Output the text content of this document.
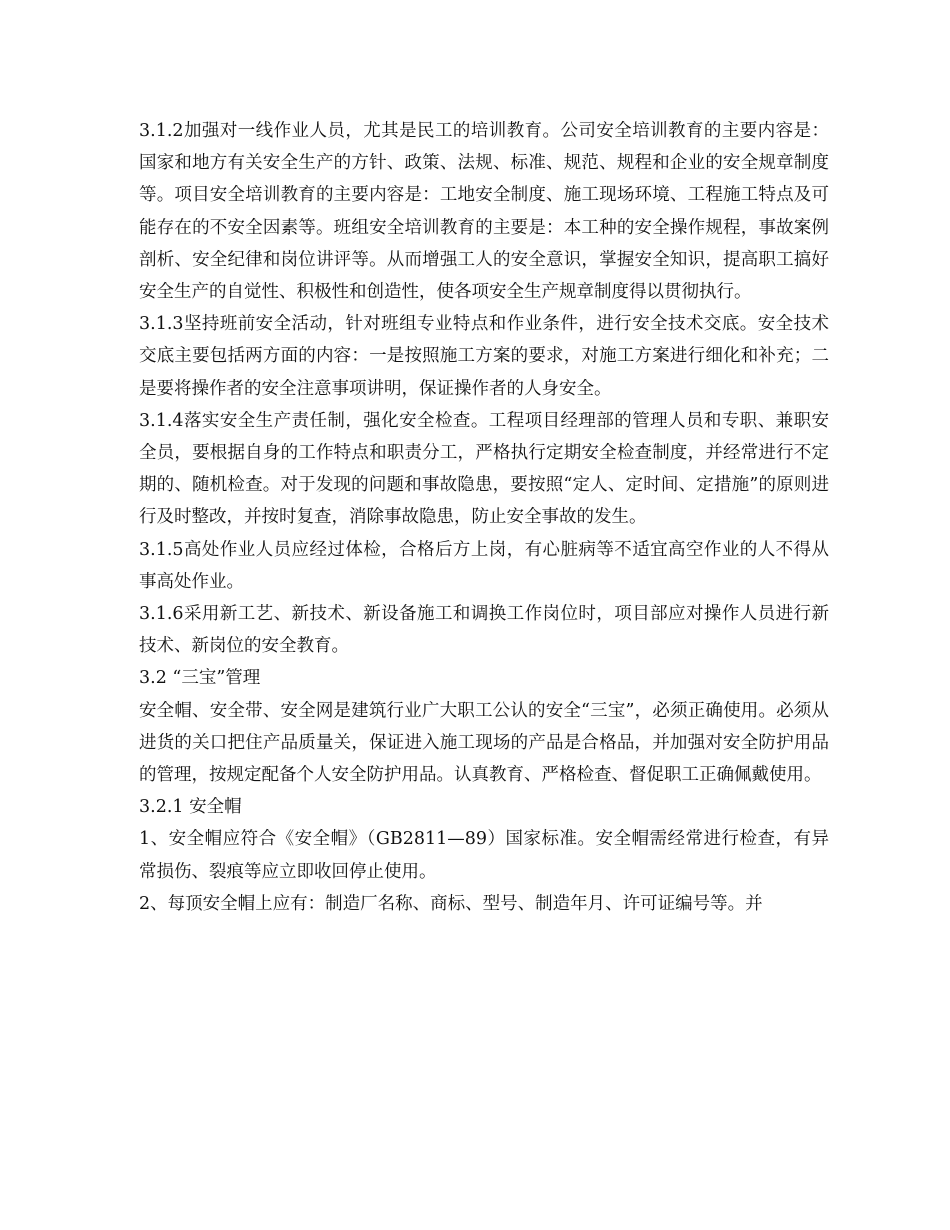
3.1.2加强对一线作业人员，尤其是民工的培训教育。公司安全培训教育的主要内容是：国家和地方有关安全生产的方针、政策、法规、标准、规范、规程和企业的安全规章制度等。项目安全培训教育的主要内容是：工地安全制度、施工现场环境、工程施工特点及可能存在的不安全因素等。班组安全培训教育的主要是：本工种的安全操作规程，事故案例剖析、安全纪律和岗位讲评等。从而增强工人的安全意识，掌握安全知识，提高职工搞好安全生产的自觉性、积极性和创造性，使各项安全生产规章制度得以贯彻执行。

3.1.3坚持班前安全活动，针对班组专业特点和作业条件，进行安全技术交底。安全技术交底主要包括两方面的内容：一是按照施工方案的要求，对施工方案进行细化和补充；二是要将操作者的安全注意事项讲明，保证操作者的人身安全。

3.1.4落实安全生产责任制，强化安全检查。工程项目经理部的管理人员和专职、兼职安全员，要根据自身的工作特点和职责分工，严格执行定期安全检查制度，并经常进行不定期的、随机检查。对于发现的问题和事故隐患，要按照“定人、定时间、定措施”的原则进行及时整改，并按时复查，消除事故隐患，防止安全事故的发生。

3.1.5高处作业人员应经过体检，合格后方上岗，有心脏病等不适宜高空作业的人不得从事高处作业。

3.1.6采用新工艺、新技术、新设备施工和调换工作岗位时，项目部应对操作人员进行新技术、新岗位的安全教育。

3.2 “三宝”管理

安全帽、安全带、安全网是建筑行业广大职工公认的安全“三宝”，必须正确使用。必须从进货的关口把住产品质量关，保证进入施工现场的产品是合格品，并加强对安全防护用品的管理，按规定配备个人安全防护用品。认真教育、严格检查、督促职工正确佩戴使用。

3.2.1 安全帽

1、安全帽应符合《安全帽》（GB2811—89）国家标准。安全帽需经常进行检查，有异常损伤、裂痕等应立即收回停止使用。

2、每顶安全帽上应有：制造厂名称、商标、型号、制造年月、许可证编号等。并
